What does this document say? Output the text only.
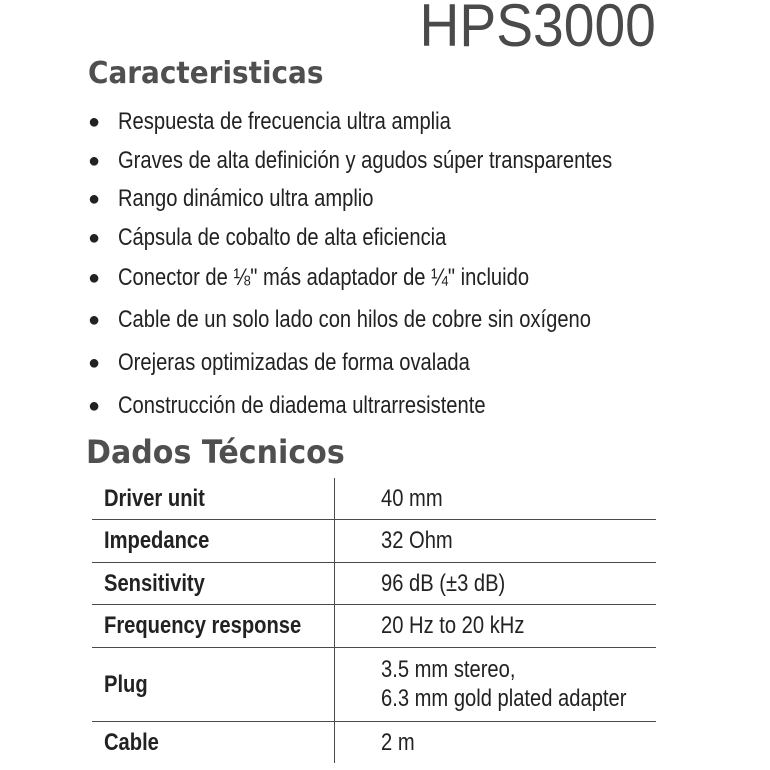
HPS3000
Caracteristicas
● Respuesta de frecuencia ultra amplia
● Graves de alta definición y agudos súper transparentes
● Rango dinámico ultra amplio
● Cápsula de cobalto de alta eficiencia
● Conector de ⅛" más adaptador de ¼" incluido
● Cable de un solo lado con hilos de cobre sin oxígeno
● Orejeras optimizadas de forma ovalada
● Construcción de diadema ultrarresistente
Dados Técnicos
Driver unit	40 mm
Impedance	32 Ohm
Sensitivity	96 dB (±3 dB)
Frequency response	20 Hz to 20 kHz
Plug	3.5 mm stereo,
6.3 mm gold plated adapter

Cable	2 m
